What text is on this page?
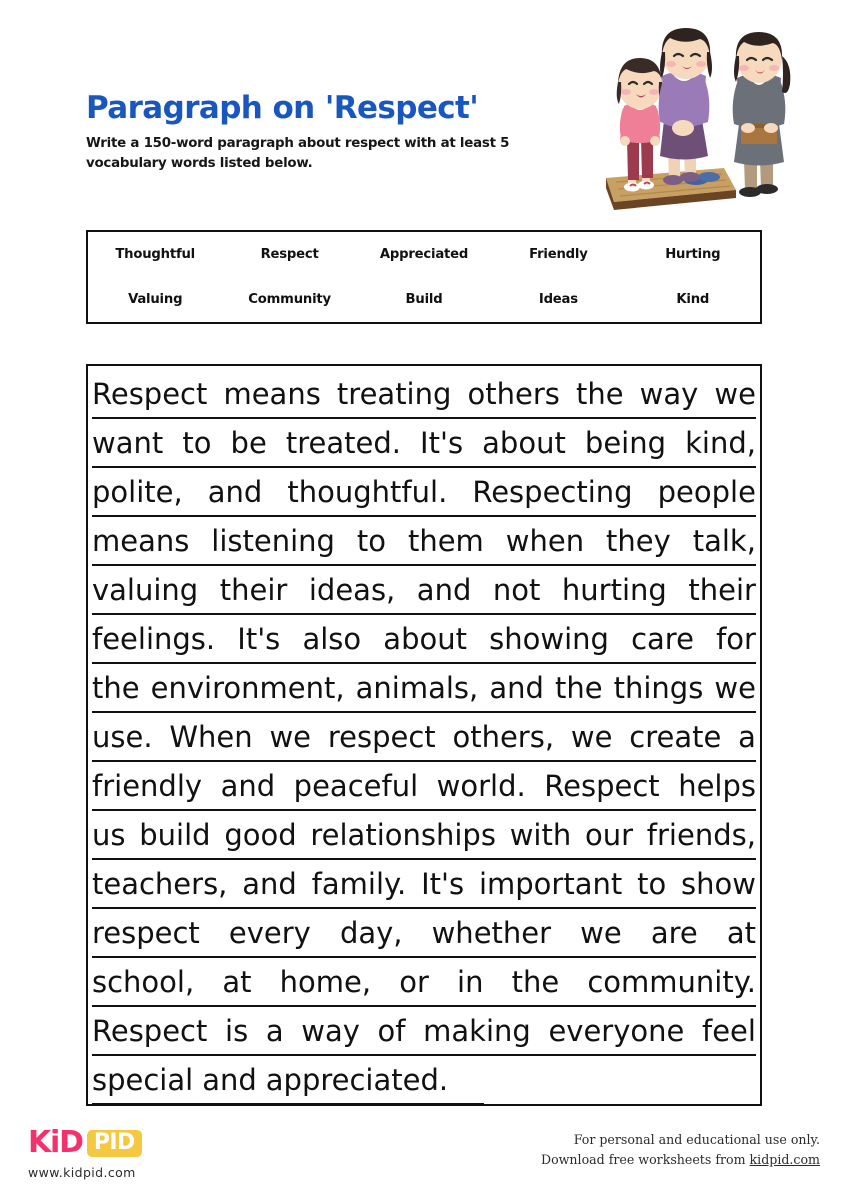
Paragraph on 'Respect'

Write a 150-word paragraph about respect with at least 5 vocabulary words listed below.

Thoughtful	Respect	Appreciated	Friendly	Hurting
Valuing	Community	Build	Ideas	Kind
Respect means treating others the way we
want to be treated. It's about being kind,
polite, and thoughtful. Respecting people
means listening to them when they talk,
valuing their ideas, and not hurting their
feelings. It's also about showing care for
the environment, animals, and the things we
use. When we respect others, we create a
friendly and peaceful world. Respect helps
us build good relationships with our friends,
teachers, and family. It's important to show
respect every day, whether we are at
school, at home, or in the community.
Respect is a way of making everyone feel
special and appreciated.
KiD PID
www.kidpid.com
For personal and educational use only.
Download free worksheets from kidpid.com
